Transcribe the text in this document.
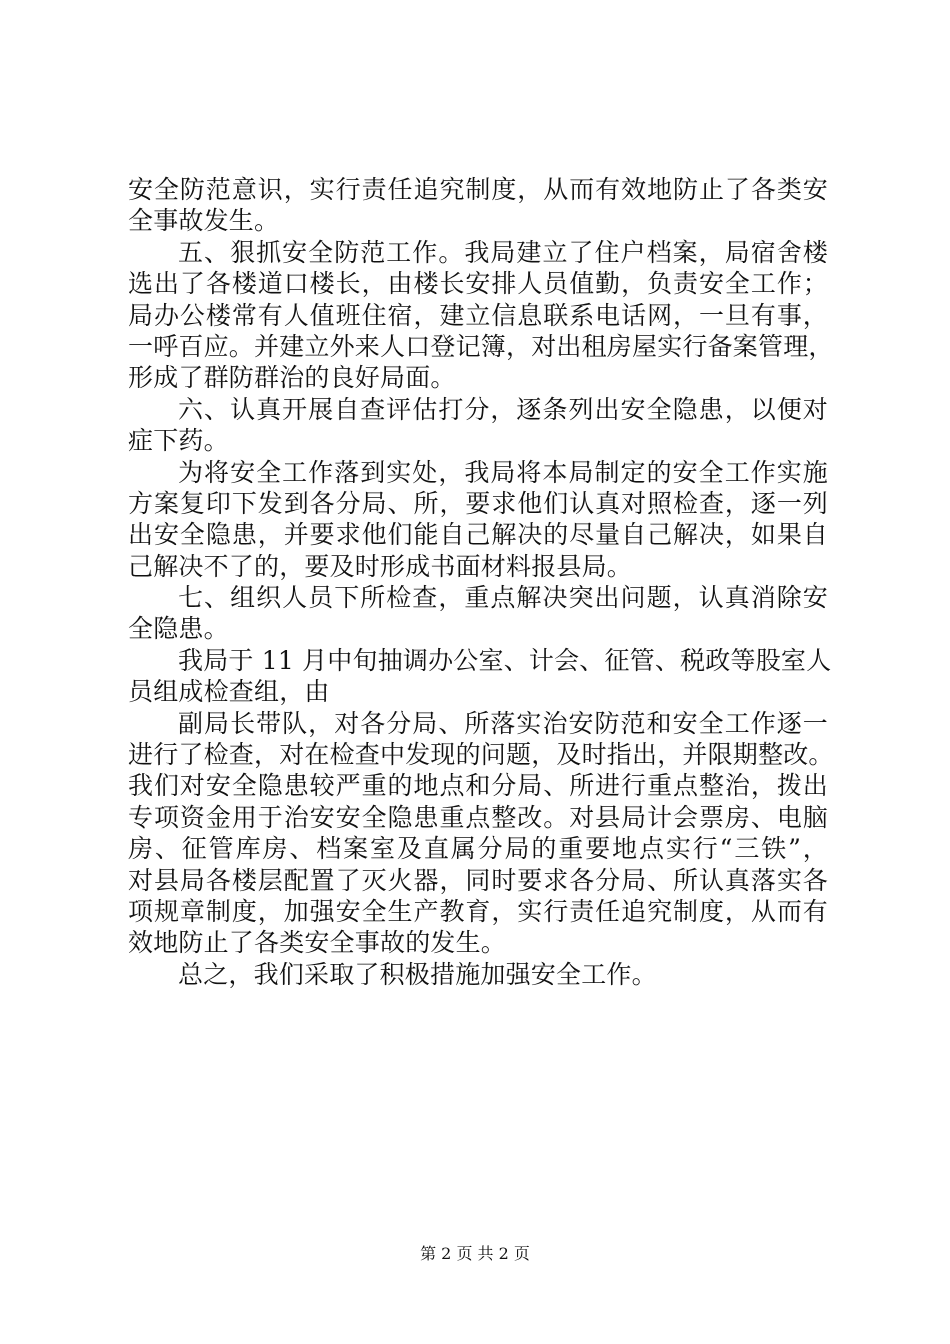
安全防范意识，实行责任追究制度，从而有效地防止了各类安
全事故发生。
五、狠抓安全防范工作。我局建立了住户档案，局宿舍楼
选出了各楼道口楼长，由楼长安排人员值勤，负责安全工作；
局办公楼常有人值班住宿，建立信息联系电话网，一旦有事，
一呼百应。并建立外来人口登记簿，对出租房屋实行备案管理，
形成了群防群治的良好局面。
六、认真开展自查评估打分，逐条列出安全隐患，以便对
症下药。
为将安全工作落到实处，我局将本局制定的安全工作实施
方案复印下发到各分局、所，要求他们认真对照检查，逐一列
出安全隐患，并要求他们能自己解决的尽量自己解决，如果自
己解决不了的，要及时形成书面材料报县局。
七、组织人员下所检查，重点解决突出问题，认真消除安
全隐患。
我局于 11 月中旬抽调办公室、计会、征管、税政等股室人
员组成检查组，由
副局长带队，对各分局、所落实治安防范和安全工作逐一
进行了检查，对在检查中发现的问题，及时指出，并限期整改。
我们对安全隐患较严重的地点和分局、所进行重点整治，拨出
专项资金用于治安安全隐患重点整改。对县局计会票房、电脑
房、征管库房、档案室及直属分局的重要地点实行“三铁”，
对县局各楼层配置了灭火器，同时要求各分局、所认真落实各
项规章制度，加强安全生产教育，实行责任追究制度，从而有
效地防止了各类安全事故的发生。
总之，我们采取了积极措施加强安全工作。
第 2 页 共 2 页
